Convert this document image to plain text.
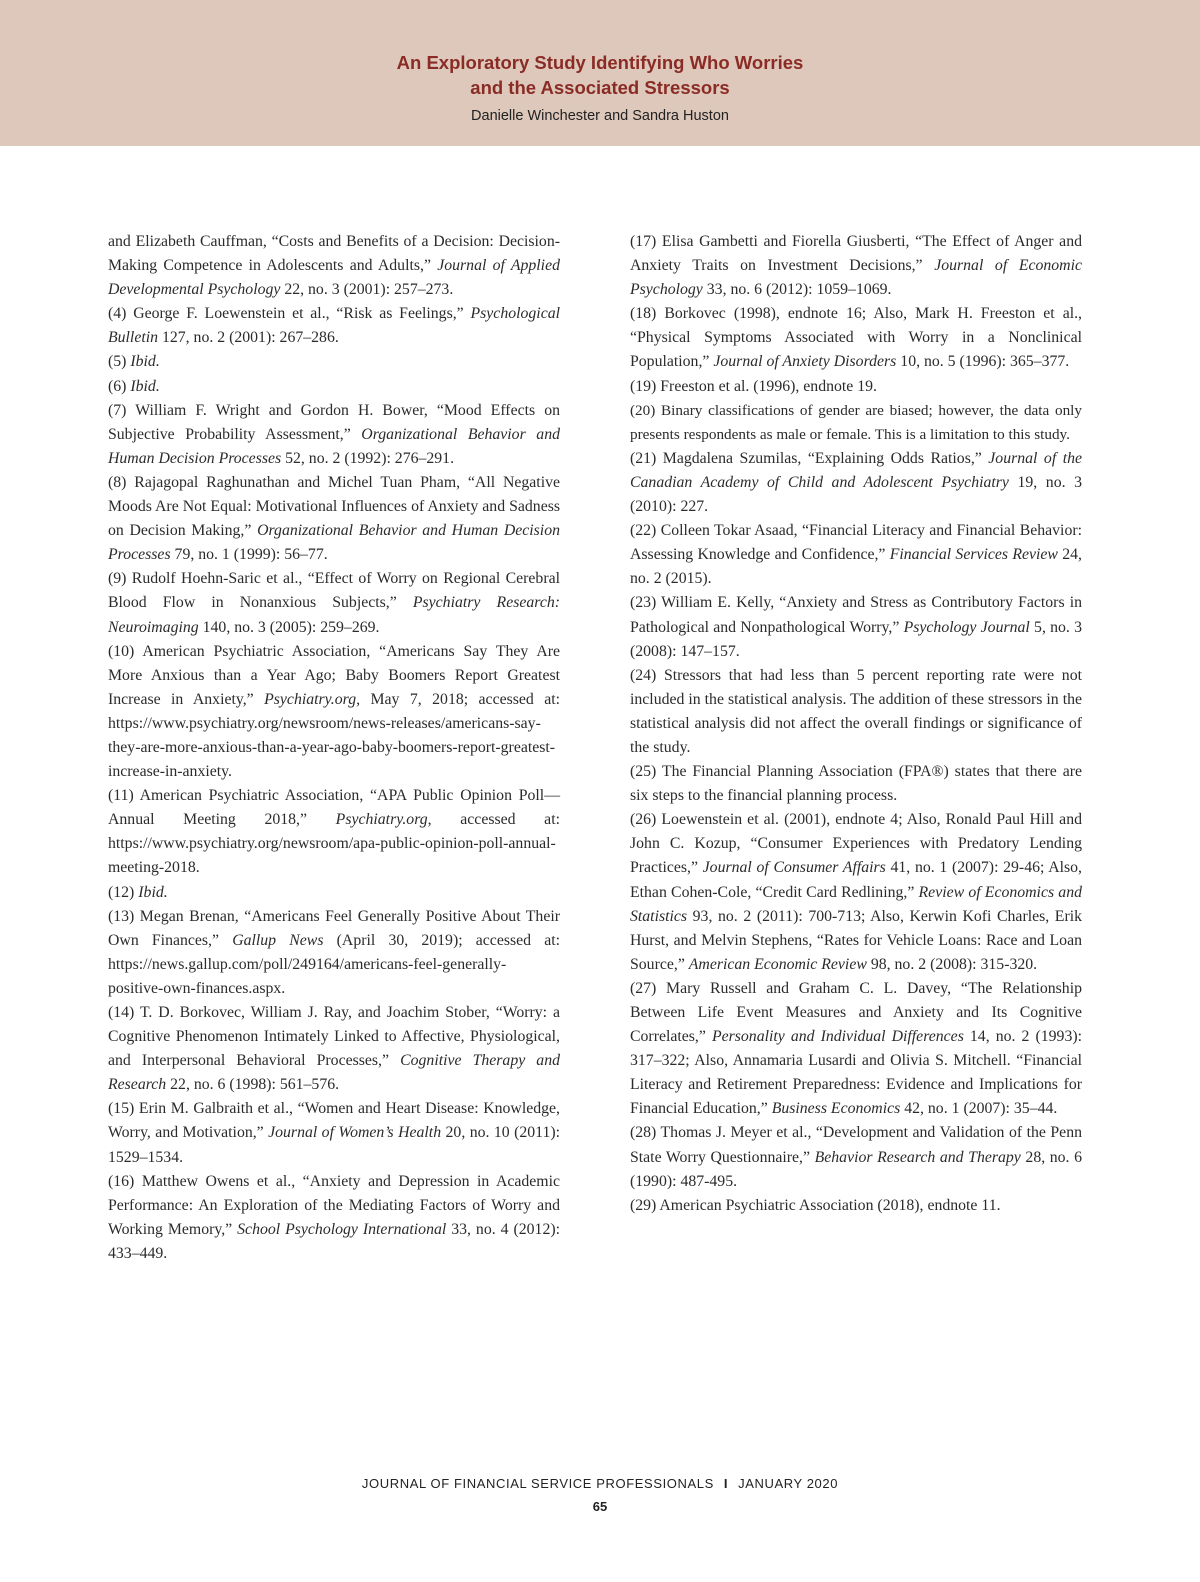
An Exploratory Study Identifying Who Worries
and the Associated Stressors
Danielle Winchester and Sandra Huston

and Elizabeth Cauffman, “Costs and Benefits of a Decision: Decision-Making Competence in Adolescents and Adults,” Journal of Applied Developmental Psychology 22, no. 3 (2001): 257–273.

(4) George F. Loewenstein et al., “Risk as Feelings,” Psychological Bulletin 127, no. 2 (2001): 267–286.

(5) Ibid.

(6) Ibid.

(7) William F. Wright and Gordon H. Bower, “Mood Effects on Subjective Probability Assessment,” Organizational Behavior and Human Decision Processes 52, no. 2 (1992): 276–291.

(8) Rajagopal Raghunathan and Michel Tuan Pham, “All Negative Moods Are Not Equal: Motivational Influences of Anxiety and Sadness on Decision Making,” Organizational Behavior and Human Decision Processes 79, no. 1 (1999): 56–77.

(9) Rudolf Hoehn-Saric et al., “Effect of Worry on Regional Cerebral Blood Flow in Nonanxious Subjects,” Psychiatry Research: Neuroimaging 140, no. 3 (2005): 259–269.

(10) American Psychiatric Association, “Americans Say They Are More Anxious than a Year Ago; Baby Boomers Report Greatest Increase in Anxiety,” Psychiatry.org, May 7, 2018; accessed at: https://www.psychiatry.org/newsroom/news-releases/americans-say-they-are-more-anxious-than-a-year-ago-baby-boomers-report-greatest-increase-in-anxiety.

(11) American Psychiatric Association, “APA Public Opinion Poll—Annual Meeting 2018,” Psychiatry.org, accessed at: https://www.psychiatry.org/newsroom/apa-public-opinion-poll-annual-meeting-2018.

(12) Ibid.

(13) Megan Brenan, “Americans Feel Generally Positive About Their Own Finances,” Gallup News (April 30, 2019); accessed at: https://news.gallup.com/poll/249164/americans-feel-generally-positive-own-finances.aspx.

(14) T. D. Borkovec, William J. Ray, and Joachim Stober, “Worry: a Cognitive Phenomenon Intimately Linked to Affective, Physiological, and Interpersonal Behavioral Processes,” Cognitive Therapy and Research 22, no. 6 (1998): 561–576.

(15) Erin M. Galbraith et al., “Women and Heart Disease: Knowledge, Worry, and Motivation,” Journal of Women’s Health 20, no. 10 (2011): 1529–1534.

(16) Matthew Owens et al., “Anxiety and Depression in Academic Performance: An Exploration of the Mediating Factors of Worry and Working Memory,” School Psychology International 33, no. 4 (2012): 433–449.

(17) Elisa Gambetti and Fiorella Giusberti, “The Effect of Anger and Anxiety Traits on Investment Decisions,” Journal of Economic Psychology 33, no. 6 (2012): 1059–1069.

(18) Borkovec (1998), endnote 16; Also, Mark H. Freeston et al., “Physical Symptoms Associated with Worry in a Nonclinical Population,” Journal of Anxiety Disorders 10, no. 5 (1996): 365–377.

(19) Freeston et al. (1996), endnote 19.

(20) Binary classifications of gender are biased; however, the data only presents respondents as male or female. This is a limitation to this study.

(21) Magdalena Szumilas, “Explaining Odds Ratios,” Journal of the Canadian Academy of Child and Adolescent Psychiatry 19, no. 3 (2010): 227.

(22) Colleen Tokar Asaad, “Financial Literacy and Financial Behavior: Assessing Knowledge and Confidence,” Financial Services Review 24, no. 2 (2015).

(23) William E. Kelly, “Anxiety and Stress as Contributory Factors in Pathological and Nonpathological Worry,” Psychology Journal 5, no. 3 (2008): 147–157.

(24) Stressors that had less than 5 percent reporting rate were not included in the statistical analysis. The addition of these stressors in the statistical analysis did not affect the overall findings or significance of the study.

(25) The Financial Planning Association (FPA®) states that there are six steps to the financial planning process.

(26) Loewenstein et al. (2001), endnote 4; Also, Ronald Paul Hill and John C. Kozup, “Consumer Experiences with Predatory Lending Practices,” Journal of Consumer Affairs 41, no. 1 (2007): 29-46; Also, Ethan Cohen-Cole, “Credit Card Redlining,” Review of Economics and Statistics 93, no. 2 (2011): 700-713; Also, Kerwin Kofi Charles, Erik Hurst, and Melvin Stephens, “Rates for Vehicle Loans: Race and Loan Source,” American Economic Review 98, no. 2 (2008): 315-320.

(27) Mary Russell and Graham C. L. Davey, “The Relationship Between Life Event Measures and Anxiety and Its Cognitive Correlates,” Personality and Individual Differences 14, no. 2 (1993): 317–322; Also, Annamaria Lusardi and Olivia S. Mitchell. “Financial Literacy and Retirement Preparedness: Evidence and Implications for Financial Education,” Business Economics 42, no. 1 (2007): 35–44.

(28) Thomas J. Meyer et al., “Development and Validation of the Penn State Worry Questionnaire,” Behavior Research and Therapy 28, no. 6 (1990): 487-495.

(29) American Psychiatric Association (2018), endnote 11.

JOURNAL OF FINANCIAL SERVICE PROFESSIONALS I JANUARY 2020
65
